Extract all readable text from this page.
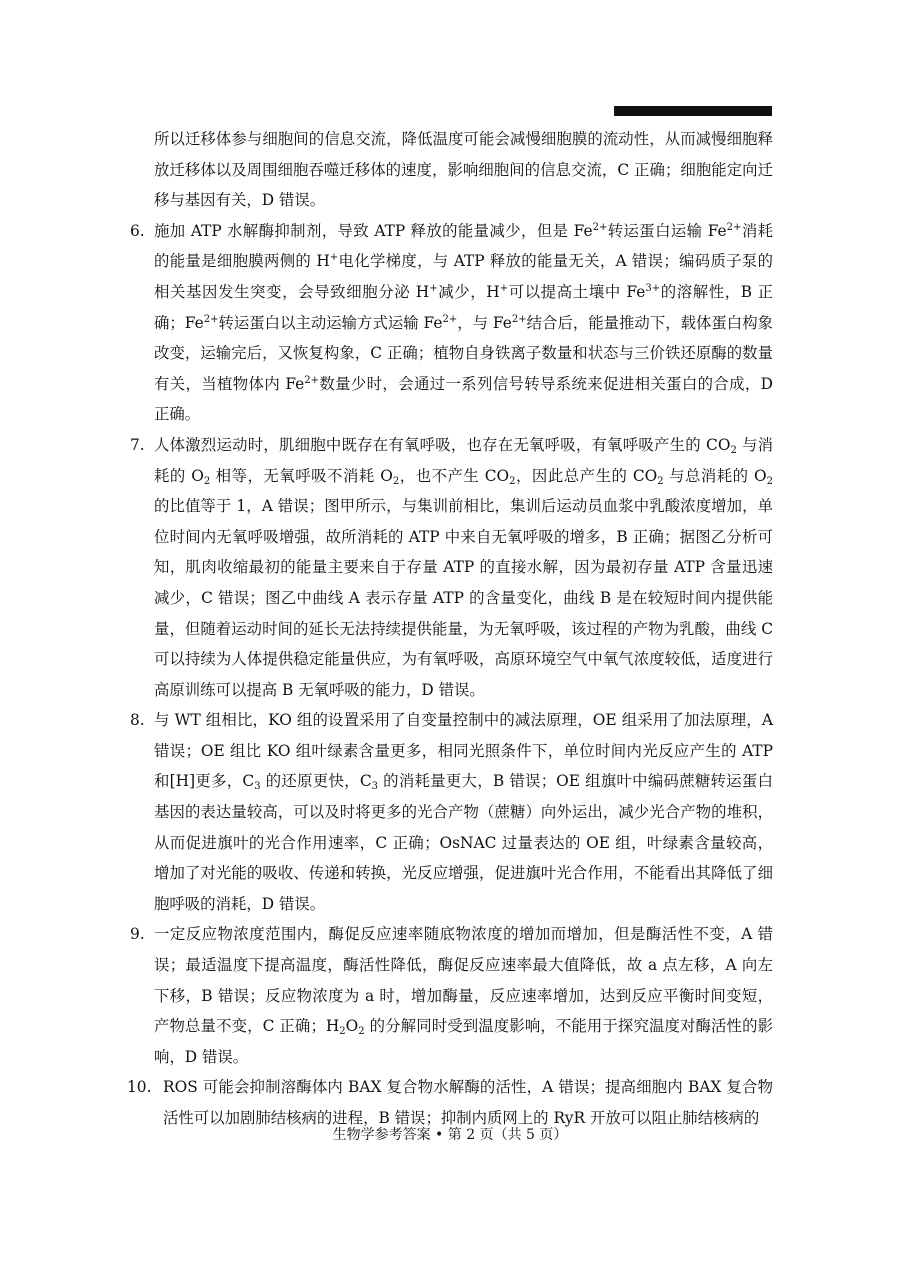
所以迁移体参与细胞间的信息交流，降低温度可能会减慢细胞膜的流动性，从而减慢细胞释放迁移体以及周围细胞吞噬迁移体的速度，影响细胞间的信息交流，C 正确；细胞能定向迁移与基因有关，D 错误。

6. 施加 ATP 水解酶抑制剂，导致 ATP 释放的能量减少，但是 $Fe^{2+}$转运蛋白运输 $Fe^{2+}$消耗的能量是细胞膜两侧的 H+电化学梯度，与 ATP 释放的能量无关，A 错误；编码质子泵的相关基因发生突变，会导致细胞分泌 H+减少，H+可以提高土壤中 $Fe^{3+}$的溶解性，B 正确；$Fe^{2+}$转运蛋白以主动运输方式运输 $Fe^{2+}$，与 $Fe^{2+}$结合后，能量推动下，载体蛋白构象改变，运输完后，又恢复构象，C 正确；植物自身铁离子数量和状态与三价铁还原酶的数量有关，当植物体内 $Fe^{2+}$数量少时，会通过一系列信号转导系统来促进相关蛋白的合成，D 正确。

7. 人体激烈运动时，肌细胞中既存在有氧呼吸，也存在无氧呼吸，有氧呼吸产生的 $CO_2$ 与消耗的 $O_2$ 相等，无氧呼吸不消耗 $O_2$，也不产生 $CO_2$，因此总产生的 $CO_2$ 与总消耗的 $O_2$ 的比值等于 1，A 错误；图甲所示，与集训前相比，集训后运动员血浆中乳酸浓度增加，单位时间内无氧呼吸增强，故所消耗的 ATP 中来自无氧呼吸的增多，B 正确；据图乙分析可知，肌肉收缩最初的能量主要来自于存量 ATP 的直接水解，因为最初存量 ATP 含量迅速减少，C 错误；图乙中曲线 A 表示存量 ATP 的含量变化，曲线 B 是在较短时间内提供能量，但随着运动时间的延长无法持续提供能量，为无氧呼吸，该过程的产物为乳酸，曲线 C 可以持续为人体提供稳定能量供应，为有氧呼吸，高原环境空气中氧气浓度较低，适度进行高原训练可以提高 B 无氧呼吸的能力，D 错误。

8. 与 WT 组相比，KO 组的设置采用了自变量控制中的减法原理，OE 组采用了加法原理，A 错误；OE 组比 KO 组叶绿素含量更多，相同光照条件下，单位时间内光反应产生的 ATP 和[H]更多，$C_3$ 的还原更快，$C_3$ 的消耗量更大，B 错误；OE 组旗叶中编码蔗糖转运蛋白基因的表达量较高，可以及时将更多的光合产物（蔗糖）向外运出，减少光合产物的堆积，从而促进旗叶的光合作用速率，C 正确；OsNAC 过量表达的 OE 组，叶绿素含量较高，增加了对光能的吸收、传递和转换，光反应增强，促进旗叶光合作用，不能看出其降低了细胞呼吸的消耗，D 错误。

9. 一定反应物浓度范围内，酶促反应速率随底物浓度的增加而增加，但是酶活性不变，A 错误；最适温度下提高温度，酶活性降低，酶促反应速率最大值降低，故 a 点左移，A 向左下移，B 错误；反应物浓度为 a 时，增加酶量，反应速率增加，达到反应平衡时间变短，产物总量不变，C 正确；$H_2O_2$ 的分解同时受到温度影响，不能用于探究温度对酶活性的影响，D 错误。

10. ROS 可能会抑制溶酶体内 BAX 复合物水解酶的活性，A 错误；提高细胞内 BAX 复合物活性可以加剧肺结核病的进程，B 错误；抑制内质网上的 RyR 开放可以阻止肺结核病的

生物学参考答案 • 第 2 页（共 5 页）
